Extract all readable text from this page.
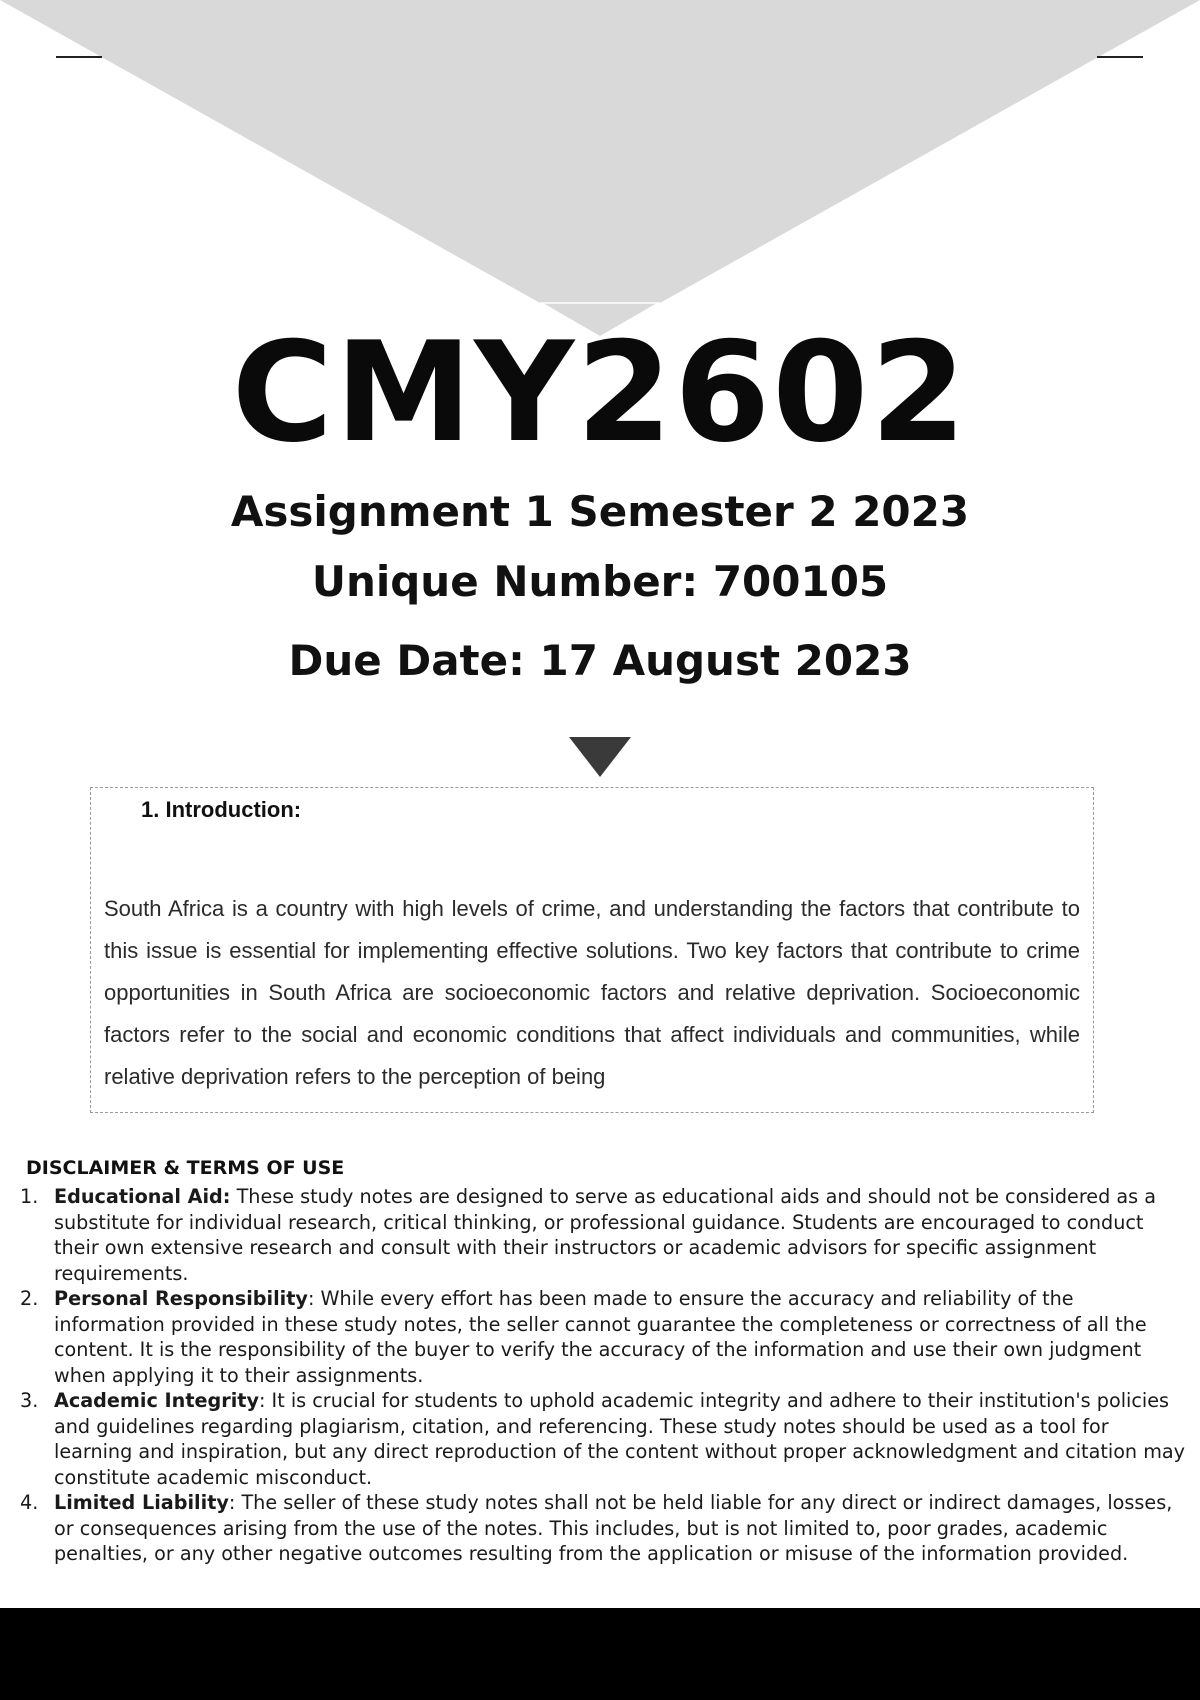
CMY2602
Assignment 1 Semester 2 2023
Unique Number: 700105
Due Date: 17 August 2023
1. Introduction:

South Africa is a country with high levels of crime, and understanding the factors that contribute to this issue is essential for implementing effective solutions. Two key factors that contribute to crime opportunities in South Africa are socioeconomic factors and relative deprivation. Socioeconomic factors refer to the social and economic conditions that affect individuals and communities, while relative deprivation refers to the perception of being

DISCLAIMER & TERMS OF USE
1. Educational Aid: These study notes are designed to serve as educational aids and should not be considered as a substitute for individual research, critical thinking, or professional guidance. Students are encouraged to conduct their own extensive research and consult with their instructors or academic advisors for specific assignment requirements.
2. Personal Responsibility: While every effort has been made to ensure the accuracy and reliability of the information provided in these study notes, the seller cannot guarantee the completeness or correctness of all the content. It is the responsibility of the buyer to verify the accuracy of the information and use their own judgment when applying it to their assignments.
3. Academic Integrity: It is crucial for students to uphold academic integrity and adhere to their institution's policies and guidelines regarding plagiarism, citation, and referencing. These study notes should be used as a tool for learning and inspiration, but any direct reproduction of the content without proper acknowledgment and citation may constitute academic misconduct.
4. Limited Liability: The seller of these study notes shall not be held liable for any direct or indirect damages, losses, or consequences arising from the use of the notes. This includes, but is not limited to, poor grades, academic penalties, or any other negative outcomes resulting from the application or misuse of the information provided.
